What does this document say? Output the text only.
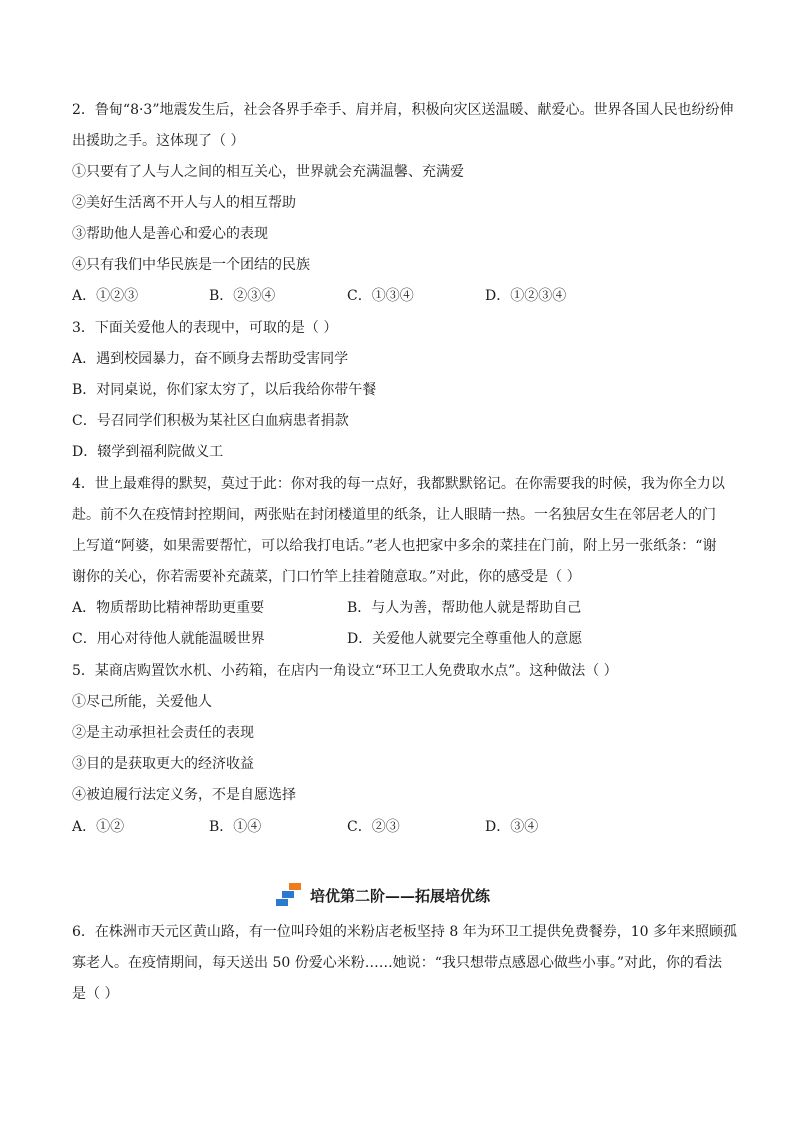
2．鲁甸“8·3”地震发生后，社会各界手牵手、肩并肩，积极向灾区送温暖、献爱心。世界各国人民也纷纷伸
出援助之手。这体现了（ ）
①只要有了人与人之间的相互关心，世界就会充满温馨、充满爱
②美好生活离不开人与人的相互帮助
③帮助他人是善心和爱心的表现
④只有我们中华民族是一个团结的民族
A．①②③	B．②③④	C．①③④	D．①②③④
3．下面关爱他人的表现中，可取的是（ ）
A．遇到校园暴力，奋不顾身去帮助受害同学
B．对同桌说，你们家太穷了，以后我给你带午餐
C．号召同学们积极为某社区白血病患者捐款
D．辍学到福利院做义工
4．世上最难得的默契，莫过于此：你对我的每一点好，我都默默铭记。在你需要我的时候，我为你全力以
赴。前不久在疫情封控期间，两张贴在封闭楼道里的纸条，让人眼睛一热。一名独居女生在邻居老人的门
上写道“阿婆，如果需要帮忙，可以给我打电话。”老人也把家中多余的菜挂在门前，附上另一张纸条：“谢
谢你的关心，你若需要补充蔬菜，门口竹竿上挂着随意取。”对此，你的感受是（ ）
A．物质帮助比精神帮助更重要	B．与人为善，帮助他人就是帮助自己
C．用心对待他人就能温暖世界	D．关爱他人就要完全尊重他人的意愿
5．某商店购置饮水机、小药箱，在店内一角设立“环卫工人免费取水点”。这种做法（ ）
①尽己所能，关爱他人
②是主动承担社会责任的表现
③目的是获取更大的经济收益
④被迫履行法定义务，不是自愿选择
A．①②	B．①④	C．②③	D．③④
培优第二阶——拓展培优练
6．在株洲市天元区黄山路，有一位叫玲姐的米粉店老板坚持 8 年为环卫工提供免费餐券，10 多年来照顾孤
寡老人。在疫情期间，每天送出 50 份爱心米粉……她说：“我只想带点感恩心做些小事。”对此，你的看法
是（ ）
